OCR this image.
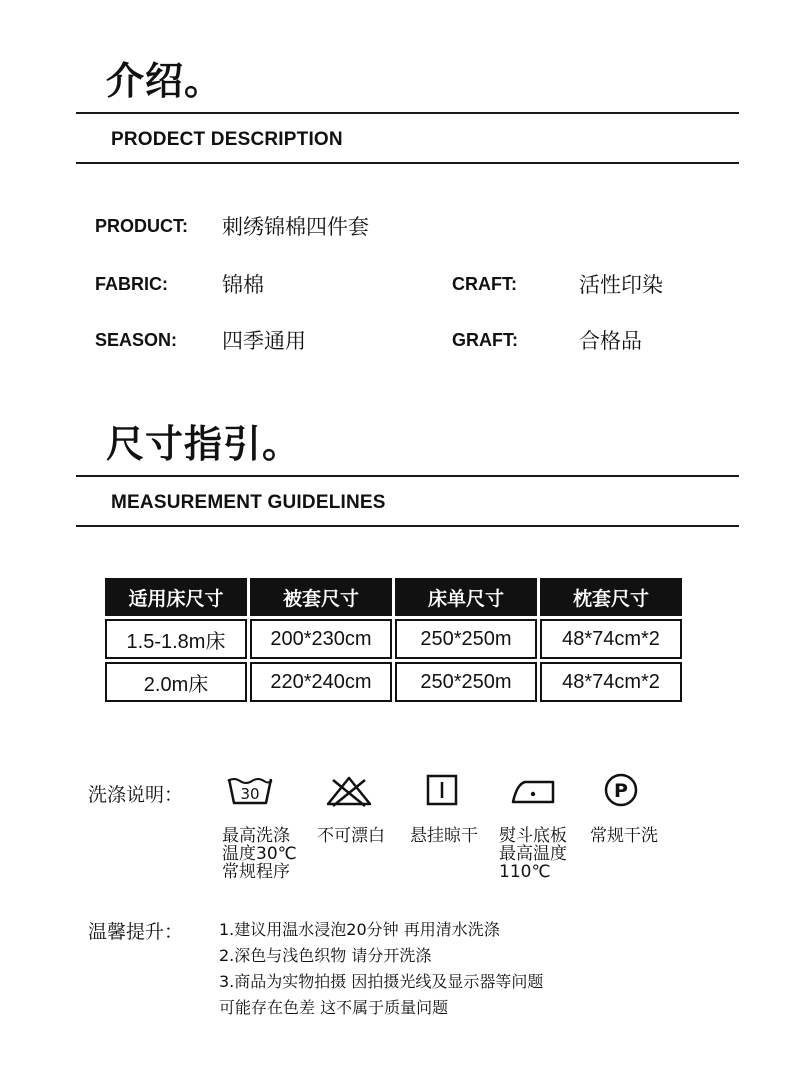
介绍。
PRODECT DESCRIPTION
PRODUCT: 刺绣锦棉四件套
FABRIC:	锦棉	CRAFT:	活性印染
SEASON: 四季通用	GRAFT:	合格品
尺寸指引。
MEASUREMENT GUIDELINES
适用床尺寸	被套尺寸	床单尺寸	枕套尺寸
1.5-1.8m床	200*230cm	250*250m	48*74cm*2
2.0m床	220*240cm	250*250m	48*74cm*2
洗涤说明：	30	P
最高洗涤
温度30℃
常规程序
不可漂白 悬挂晾干 熨斗底板
最高温度
110℃
常规干洗
温馨提升： 1.建议用温水浸泡20分钟 再用清水洗涤
2.深色与浅色织物 请分开洗涤
3.商品为实物拍摄 因拍摄光线及显示器等问题
可能存在色差 这不属于质量问题
